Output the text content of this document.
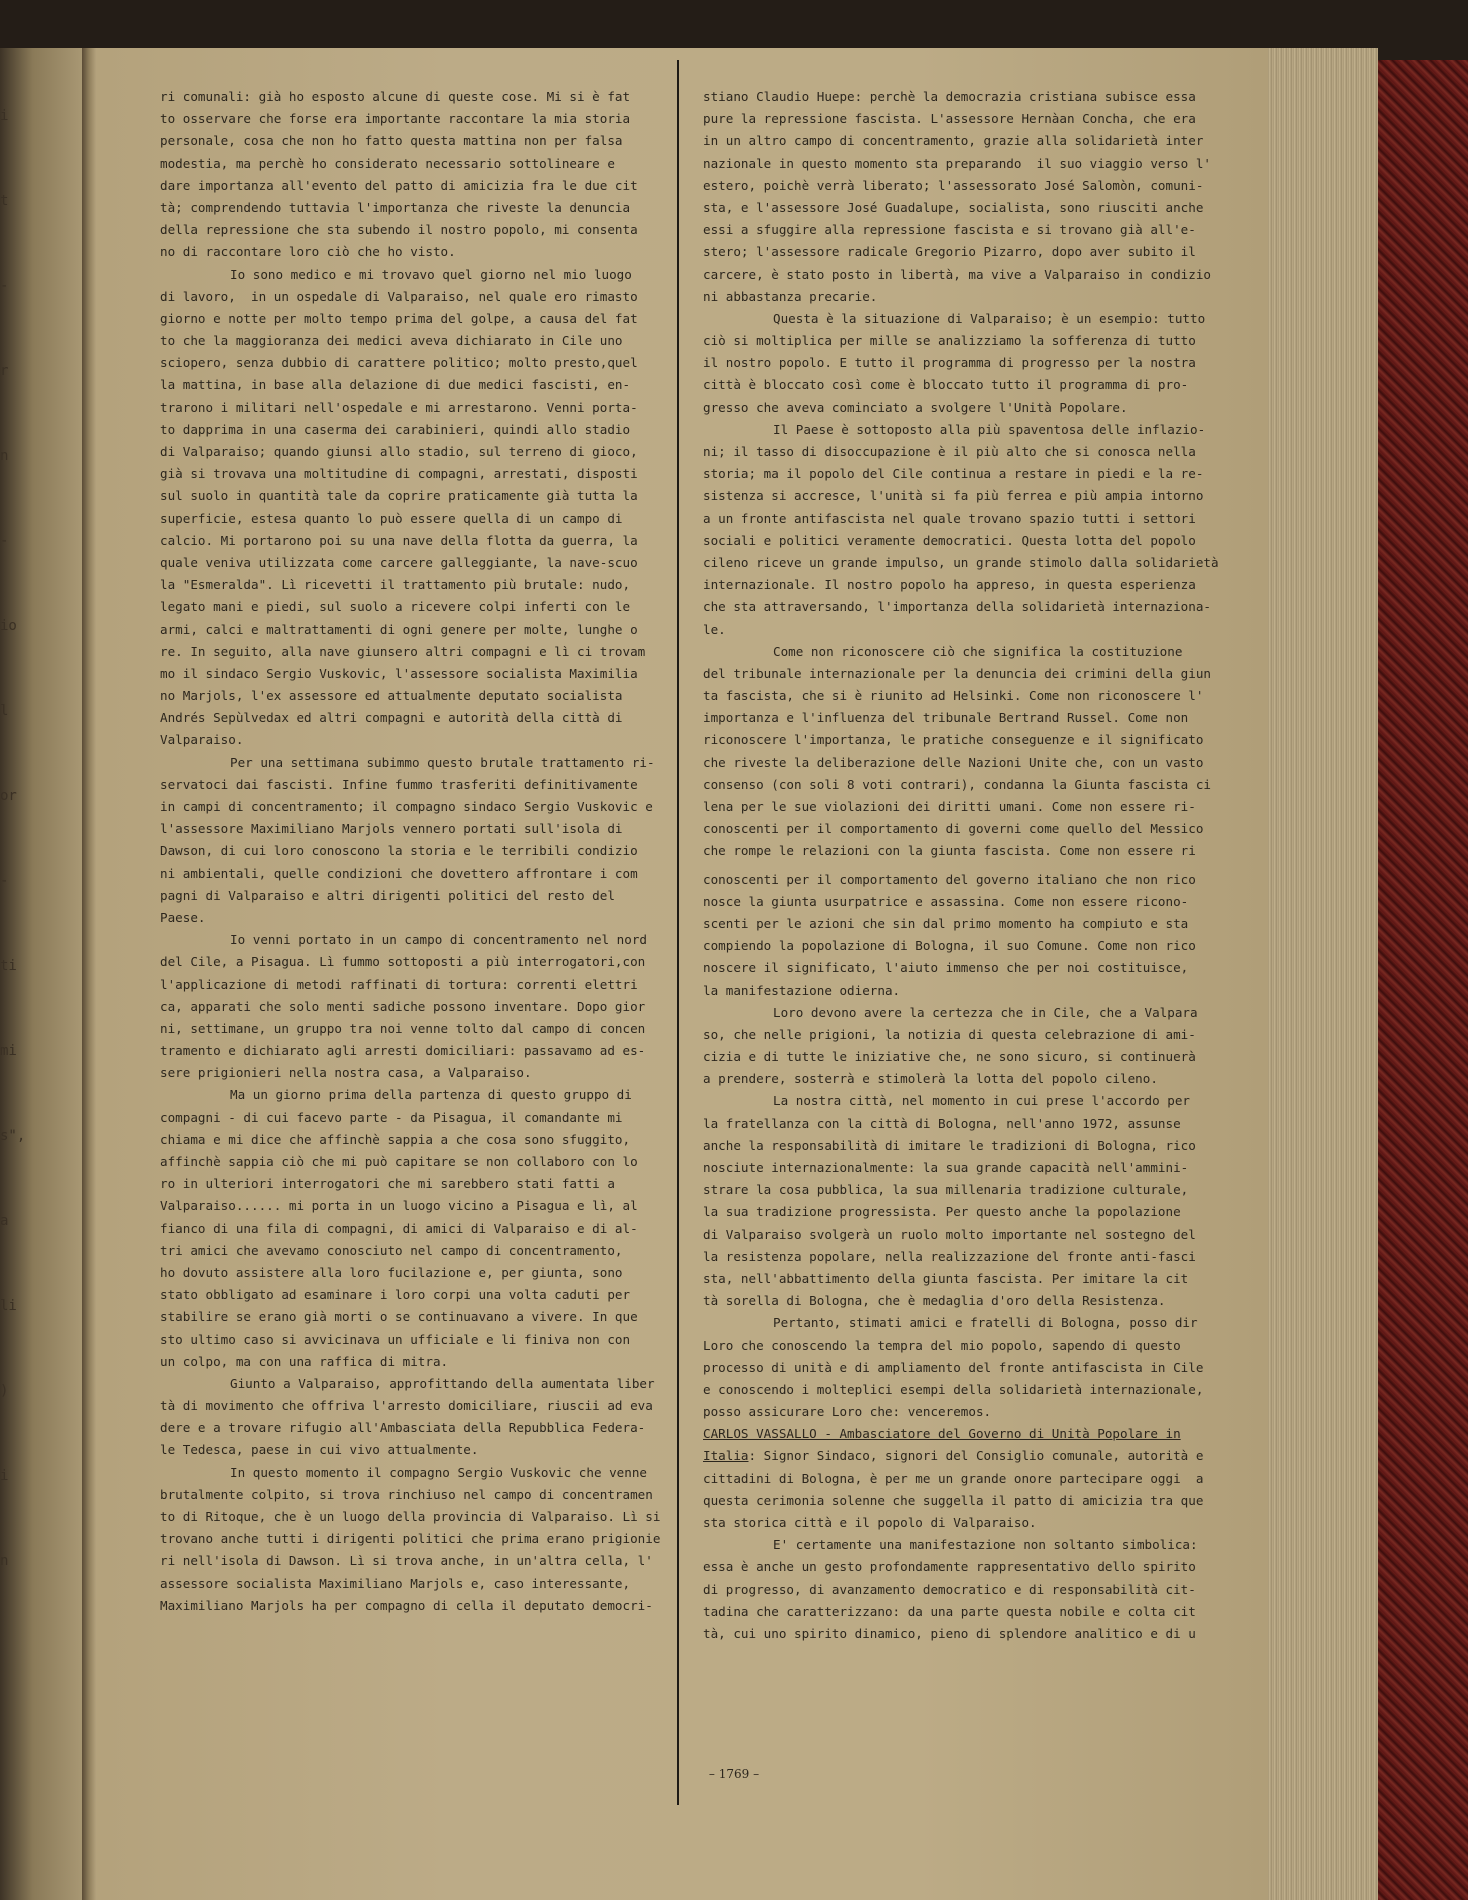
i
t
-
r
n
-
io
l
or
-
ti
mi
s",
a
li
)
i
n
ri comunali: già ho esposto alcune di queste cose. Mi si è fat
to osservare che forse era importante raccontare la mia storia
personale, cosa che non ho fatto questa mattina non per falsa
modestia, ma perchè ho considerato necessario sottolineare e
dare importanza all'evento del patto di amicizia fra le due cit
tà; comprendendo tuttavia l'importanza che riveste la denuncia
della repressione che sta subendo il nostro popolo, mi consenta
no di raccontare loro ciò che ho visto.
Io sono medico e mi trovavo quel giorno nel mio luogo
di lavoro,  in un ospedale di Valparaiso, nel quale ero rimasto
giorno e notte per molto tempo prima del golpe, a causa del fat
to che la maggioranza dei medici aveva dichiarato in Cile uno
sciopero, senza dubbio di carattere politico; molto presto,quel
la mattina, in base alla delazione di due medici fascisti, en-
trarono i militari nell'ospedale e mi arrestarono. Venni porta-
to dapprima in una caserma dei carabinieri, quindi allo stadio
di Valparaiso; quando giunsi allo stadio, sul terreno di gioco,
già si trovava una moltitudine di compagni, arrestati, disposti
sul suolo in quantità tale da coprire praticamente già tutta la
superficie, estesa quanto lo può essere quella di un campo di
calcio. Mi portarono poi su una nave della flotta da guerra, la
quale veniva utilizzata come carcere galleggiante, la nave-scuo
la "Esmeralda". Lì ricevetti il trattamento più brutale: nudo,
legato mani e piedi, sul suolo a ricevere colpi inferti con le
armi, calci e maltrattamenti di ogni genere per molte, lunghe o
re. In seguito, alla nave giunsero altri compagni e lì ci trovam
mo il sindaco Sergio Vuskovic, l'assessore socialista Maximilia
no Marjols, l'ex assessore ed attualmente deputato socialista
Andrés Sepùlvedax ed altri compagni e autorità della città di
Valparaiso.
Per una settimana subimmo questo brutale trattamento ri-
servatoci dai fascisti. Infine fummo trasferiti definitivamente
in campi di concentramento; il compagno sindaco Sergio Vuskovic e
l'assessore Maximiliano Marjols vennero portati sull'isola di
Dawson, di cui loro conoscono la storia e le terribili condizio
ni ambientali, quelle condizioni che dovettero affrontare i com
pagni di Valparaiso e altri dirigenti politici del resto del
Paese.
Io venni portato in un campo di concentramento nel nord
del Cile, a Pisagua. Lì fummo sottoposti a più interrogatori,con
l'applicazione di metodi raffinati di tortura: correnti elettri
ca, apparati che solo menti sadiche possono inventare. Dopo gior
ni, settimane, un gruppo tra noi venne tolto dal campo di concen
tramento e dichiarato agli arresti domiciliari: passavamo ad es-
sere prigionieri nella nostra casa, a Valparaiso.
Ma un giorno prima della partenza di questo gruppo di
compagni - di cui facevo parte - da Pisagua, il comandante mi
chiama e mi dice che affinchè sappia a che cosa sono sfuggito,
affinchè sappia ciò che mi può capitare se non collaboro con lo
ro in ulteriori interrogatori che mi sarebbero stati fatti a
Valparaiso...... mi porta in un luogo vicino a Pisagua e lì, al
fianco di una fila di compagni, di amici di Valparaiso e di al-
tri amici che avevamo conosciuto nel campo di concentramento,
ho dovuto assistere alla loro fucilazione e, per giunta, sono
stato obbligato ad esaminare i loro corpi una volta caduti per
stabilire se erano già morti o se continuavano a vivere. In que
sto ultimo caso si avvicinava un ufficiale e li finiva non con
un colpo, ma con una raffica di mitra.
Giunto a Valparaiso, approfittando della aumentata liber
tà di movimento che offriva l'arresto domiciliare, riuscii ad eva
dere e a trovare rifugio all'Ambasciata della Repubblica Federa-
le Tedesca, paese in cui vivo attualmente.
In questo momento il compagno Sergio Vuskovic che venne
brutalmente colpito, si trova rinchiuso nel campo di concentramen
to di Ritoque, che è un luogo della provincia di Valparaiso. Lì si
trovano anche tutti i dirigenti politici che prima erano prigionie
ri nell'isola di Dawson. Lì si trova anche, in un'altra cella, l'
assessore socialista Maximiliano Marjols e, caso interessante,
Maximiliano Marjols ha per compagno di cella il deputato democri-
stiano Claudio Huepe: perchè la democrazia cristiana subisce essa
pure la repressione fascista. L'assessore Hernàan Concha, che era
in un altro campo di concentramento, grazie alla solidarietà inter
nazionale in questo momento sta preparando  il suo viaggio verso l'
estero, poichè verrà liberato; l'assessorato José Salomòn, comuni-
sta, e l'assessore José Guadalupe, socialista, sono riusciti anche
essi a sfuggire alla repressione fascista e si trovano già all'e-
stero; l'assessore radicale Gregorio Pizarro, dopo aver subito il
carcere, è stato posto in libertà, ma vive a Valparaiso in condizio
ni abbastanza precarie.
Questa è la situazione di Valparaiso; è un esempio: tutto
ciò si moltiplica per mille se analizziamo la sofferenza di tutto
il nostro popolo. E tutto il programma di progresso per la nostra
città è bloccato così come è bloccato tutto il programma di pro-
gresso che aveva cominciato a svolgere l'Unità Popolare.
Il Paese è sottoposto alla più spaventosa delle inflazio-
ni; il tasso di disoccupazione è il più alto che si conosca nella
storia; ma il popolo del Cile continua a restare in piedi e la re-
sistenza si accresce, l'unità si fa più ferrea e più ampia intorno
a un fronte antifascista nel quale trovano spazio tutti i settori
sociali e politici veramente democratici. Questa lotta del popolo
cileno riceve un grande impulso, un grande stimolo dalla solidarietà
internazionale. Il nostro popolo ha appreso, in questa esperienza
che sta attraversando, l'importanza della solidarietà internaziona-
le.
Come non riconoscere ciò che significa la costituzione
del tribunale internazionale per la denuncia dei crimini della giun
ta fascista, che si è riunito ad Helsinki. Come non riconoscere l'
importanza e l'influenza del tribunale Bertrand Russel. Come non
riconoscere l'importanza, le pratiche conseguenze e il significato
che riveste la deliberazione delle Nazioni Unite che, con un vasto
consenso (con soli 8 voti contrari), condanna la Giunta fascista ci
lena per le sue violazioni dei diritti umani. Come non essere ri-
conoscenti per il comportamento di governi come quello del Messico
che rompe le relazioni con la giunta fascista. Come non essere ri
conoscenti per il comportamento del governo italiano che non rico
nosce la giunta usurpatrice e assassina. Come non essere ricono-
scenti per le azioni che sin dal primo momento ha compiuto e sta
compiendo la popolazione di Bologna, il suo Comune. Come non rico
noscere il significato, l'aiuto immenso che per noi costituisce,
la manifestazione odierna.
Loro devono avere la certezza che in Cile, che a Valpara
so, che nelle prigioni, la notizia di questa celebrazione di ami-
cizia e di tutte le iniziative che, ne sono sicuro, si continuerà
a prendere, sosterrà e stimolerà la lotta del popolo cileno.
La nostra città, nel momento in cui prese l'accordo per
la fratellanza con la città di Bologna, nell'anno 1972, assunse
anche la responsabilità di imitare le tradizioni di Bologna, rico
nosciute internazionalmente: la sua grande capacità nell'ammini-
strare la cosa pubblica, la sua millenaria tradizione culturale,
la sua tradizione progressista. Per questo anche la popolazione
di Valparaiso svolgerà un ruolo molto importante nel sostegno del
la resistenza popolare, nella realizzazione del fronte anti-fasci
sta, nell'abbattimento della giunta fascista. Per imitare la cit
tà sorella di Bologna, che è medaglia d'oro della Resistenza.
Pertanto, stimati amici e fratelli di Bologna, posso dir
Loro che conoscendo la tempra del mio popolo, sapendo di questo
processo di unità e di ampliamento del fronte antifascista in Cile
e conoscendo i molteplici esempi della solidarietà internazionale,
posso assicurare Loro che: venceremos.
CARLOS VASSALLO - Ambasciatore del Governo di Unità Popolare in
Italia: Signor Sindaco, signori del Consiglio comunale, autorità e
cittadini di Bologna, è per me un grande onore partecipare oggi  a
questa cerimonia solenne che suggella il patto di amicizia tra que
sta storica città e il popolo di Valparaiso.
E' certamente una manifestazione non soltanto simbolica:
essa è anche un gesto profondamente rappresentativo dello spirito
di progresso, di avanzamento democratico e di responsabilità cit-
tadina che caratterizzano: da una parte questa nobile e colta cit
tà, cui uno spirito dinamico, pieno di splendore analitico e di u
– 1769 –
